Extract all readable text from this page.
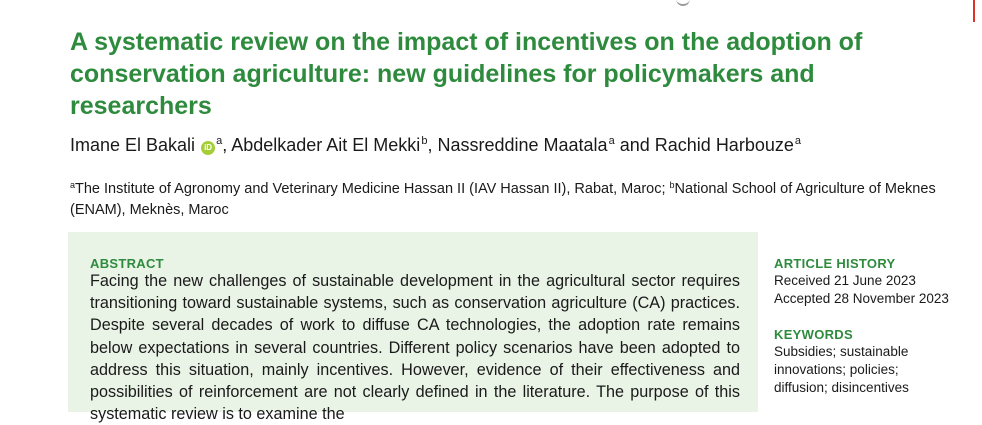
A systematic review on the impact of incentives on the adoption of conservation agriculture: new guidelines for policymakers and researchers
Imane El Bakali $iD^a$, Abdelkader Ait El Mekki$^b$, Nassreddine Maatala$^a$ and Rachid Harbouze$^a$

$^a$The Institute of Agronomy and Veterinary Medicine Hassan II (IAV Hassan II), Rabat, Maroc; $^b$National School of Agriculture of Meknes (ENAM), Meknès, Maroc

ABSTRACT

Facing the new challenges of sustainable development in the agricultural sector requires transitioning toward sustainable systems, such as conservation agriculture (CA) practices. Despite several decades of work to diffuse CA technologies, the adoption rate remains below expectations in several countries. Different policy scenarios have been adopted to address this situation, mainly incentives. However, evidence of their effectiveness and possibilities of reinforcement are not clearly defined in the literature. The purpose of this systematic review is to examine the

ARTICLE HISTORY
Received 21 June 2023
Accepted 28 November 2023
KEYWORDS

Subsidies; sustainable innovations; policies; diffusion; disincentives
